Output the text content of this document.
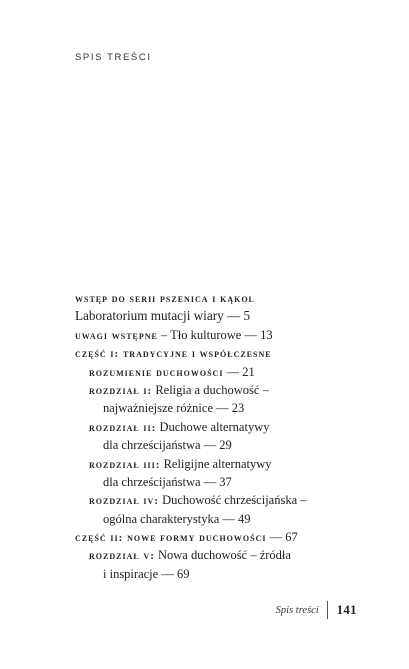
SPIS TREŚCI
wstęp do serii pszenica i kąkol
Laboratorium mutacji wiary — 5
uwagi wstępne – Tło kulturowe — 13
część i: tradycyjne i współczesne
rozumienie duchowości — 21
rozdział i: Religia a duchowość –
najważniejsze różnice — 23
rozdział ii: Duchowe alternatywy
dla chrześcijaństwa — 29
rozdział iii: Religijne alternatywy
dla chrześcijaństwa — 37
rozdział iv: Duchowość chrześcijańska –
ogólna charakterystyka — 49
część ii: nowe formy duchowości — 67
rozdział v: Nowa duchowość – źródła
i inspiracje — 69
Spis treści	141
